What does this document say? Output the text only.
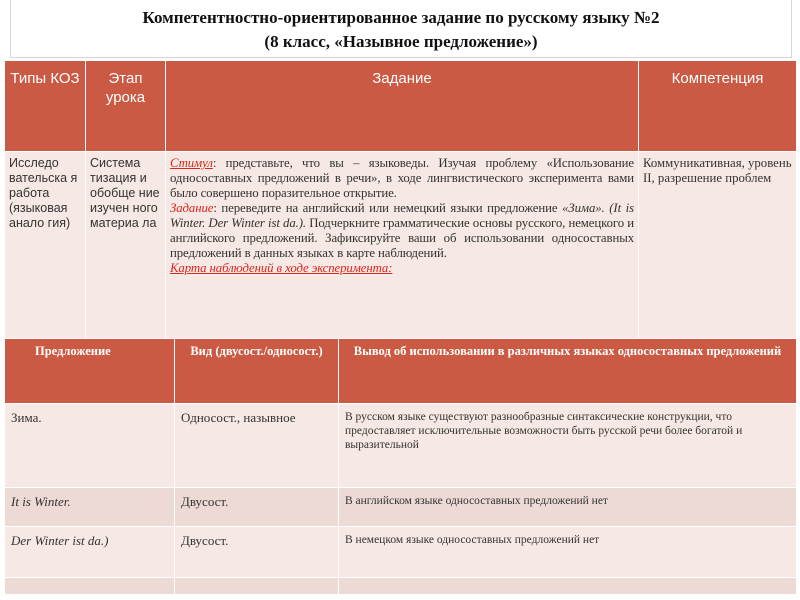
Компетентностно-ориентированное задание по русскому языку №2
(8 класс, «Назывное предложение»)
Типы КОЗ	Этап урока	Задание	Компетенция
Исследо вательска я работа (языковая анало гия)	Система тизация и обобще ние изучен ного материа ла	Стимул: представьте, что вы – языковеды. Изучая проблему «Использование односоставных предложений в речи», в ходе лингвистического эксперимента вами было совершено поразительное открытие.
Задание: переведите на английский или немецкий языки предложение «Зима». (It is Winter. Der Winter ist da.). Подчеркните грамматические основы русского, немецкого и английского предложений. Зафиксируйте ваши об использовании односоставных предложений в данных языках в карте наблюдений.
Карта наблюдений в ходе эксперимента:	Коммуникативная, уровень II, разрешение проблем
Предложение	Вид (двусост./односост.)	Вывод об использовании в различных языках односоставных предложений
Зима.	Односост., назывное	В русском языке существуют разнообразные синтаксические конструкции, что предоставляет исключительные возможности быть русской речи более богатой и выразительной
It is Winter.	Двусост.	В английском языке односоставных предложений нет
Der Winter ist da.)	Двусост.	В немецком языке односоставных предложений нет
